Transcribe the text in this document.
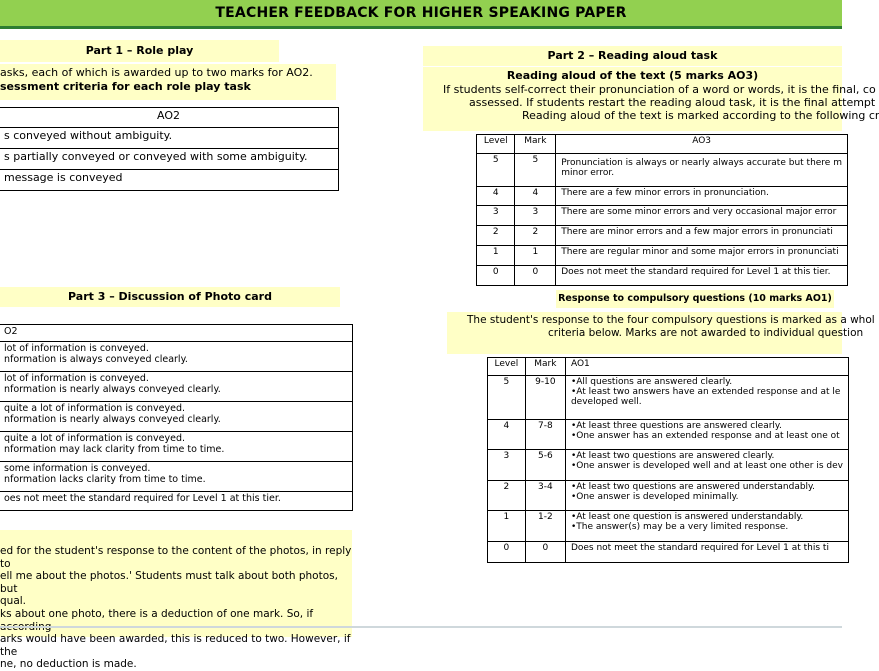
TEACHER FEEDBACK FOR HIGHER SPEAKING PAPER
Part 1 – Role play
asks, each of which is awarded up to two marks for AO2.
sessment criteria for each role play task
AO2
s conveyed without ambiguity.
s partially conveyed or conveyed with some ambiguity.
message is conveyed
Part 3 – Discussion of Photo card
O2

lot of information is conveyed.
nformation is always conveyed clearly.

lot of information is conveyed.
nformation is nearly always conveyed clearly.

quite a lot of information is conveyed.
nformation is nearly always conveyed clearly.

quite a lot of information is conveyed.
nformation may lack clarity from time to time.

some information is conveyed.
nformation lacks clarity from time to time.

oes not meet the standard required for Level 1 at this tier.
ed for the student's response to the content of the photos, in reply to
ell me about the photos.' Students must talk about both photos, but
qual.
ks about one photo, there is a deduction of one mark. So, if
arks would have been awarded, this is reduced to two. However, if the
ne, no deduction is made.
Part 2 – Reading aloud task
Reading aloud of the text (5 marks AO3)
If students self-correct their pronunciation of a word or words, it is the final, co
assessed. If students restart the reading aloud task, it is the final attempt
Reading aloud of the text is marked according to the following cr
Level	Mark	AO3
5	5	Pronunciation is always or nearly always accurate but there m
minor error.

4	4	There are a few minor errors in pronunciation.
3	3	There are some minor errors and very occasional major error
2	2	There are minor errors and a few major errors in pronunciati
1	1	There are regular minor and some major errors in pronunciati
0	0	Does not meet the standard required for Level 1 at this tier.
Response to compulsory questions (10 marks AO1)
The student's response to the four compulsory questions is marked as a whol
criteria below. Marks are not awarded to individual question
Level	Mark	AO1
5	9-10	•All questions are answered clearly.
•At least two answers have an extended response and at le
developed well.

4	7-8	•At least three questions are answered clearly.
•One answer has an extended response and at least one ot

3	5-6	•At least two questions are answered clearly.
•One answer is developed well and at least one other is dev

2	3-4	•At least two questions are answered understandably.
•One answer is developed minimally.

1	1-2	•At least one question is answered understandably.
•The answer(s) may be a very limited response.

0	0	Does not meet the standard required for Level 1 at this ti
